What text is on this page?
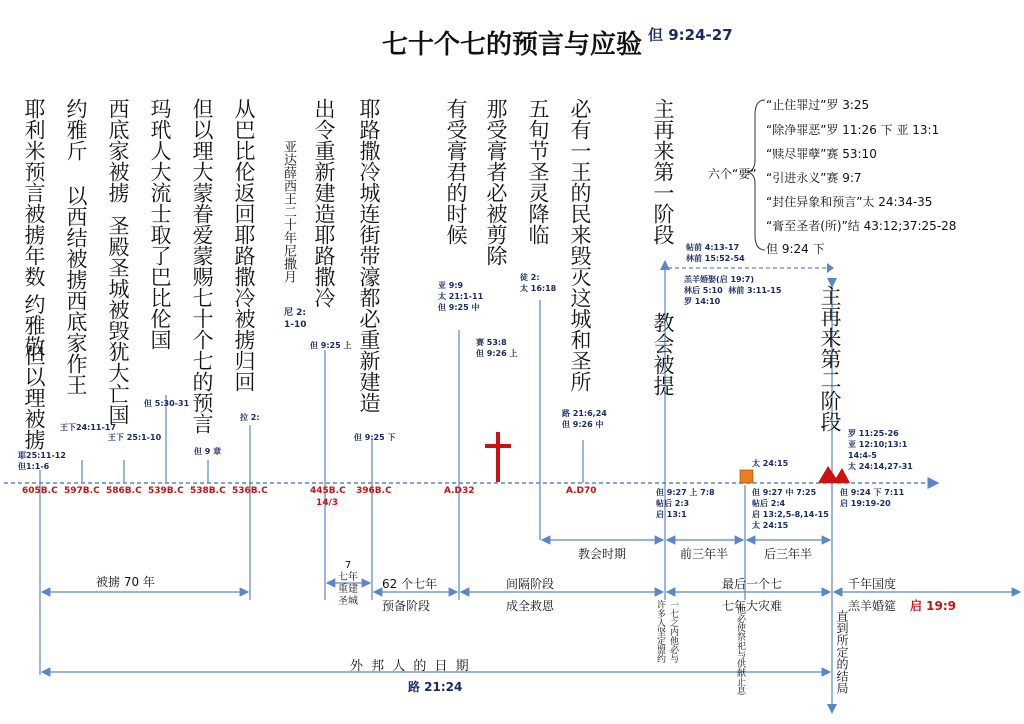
七十个七的预言与应验 但 9:24-27
耶利米预言被掳年数 约雅敬
但以理被掳
约雅斤
以西结被掳
西底家作王
西底家被掳
圣殿圣城被毁犹大亡国 玛玳人大流士取了巴比伦国 但以理大蒙眷爱蒙赐七十个七的预言 从巴比伦返回耶路撒冷被掳归回 亚达薛西王二十年尼撒月 出令重新建造耶路撒冷 耶路撒冷城连街带濠都必重新建造	有受膏君的时候 那受膏者必被剪除 五旬节圣灵降临 必有一王的民来毁灭这城和圣所	主再来第一阶段
教会被提	主再来第二阶段
六个“要”
“止住罪过”罗 3:25
“除净罪恶”罗 11:26 下 亚 13:1
“赎尽罪孽”赛 53:10
“引进永义”赛 9:7
“封住异象和预言”太 24:34-35
“膏至圣者(所)”结 43:12;37:25-28
但 9:24 下
耶25:11-12
但1:1-6
王下24:11-17
王下 25:1-10
但 5:30-31
但 9 章
拉 2:
尼 2:
1-10
但 9:25 上
但 9:25 下
亚 9:9
太 21:1-11
但 9:25 中
赛 53:8
但 9:26 上
徒 2:
太 16:18
路 21:6,24
但 9:26 中
帖前 4:13-17
林前 15:52-54
羔羊婚娶(启 19:7)
林后 5:10  林前 3:11-15
罗 14:10
太 24:15
罗 11:25-26
亚 12:10;13:1
14:4-5
太 24:14,27-31
但 9:27 上 7:8
帖后 2:3
启 13:1
但 9:27 中 7:25
帖后 2:4
启 13:2,5-8,14-15
太 24:15
但 9:24 下 7:11
启 19:19-20
605B.C 597B.C 586B.C 539B.C 538B.C 536B.C	445B.C
14/3
396B.C	A.D32	A.D70
被掳 70 年
7
七年
重建
圣城
62 个七年
预备阶段
间隔阶段
成全救恩
教会时期	前三年半	后三年半
最后一个七
七年大灾难
千年国度
羔羊婚筵 启 19:9
外 邦 人 的 日 期
路 21:24
许多人坚定盟约 一七之内他必与	他必使祭祀与供献止息	直到所定的结局
